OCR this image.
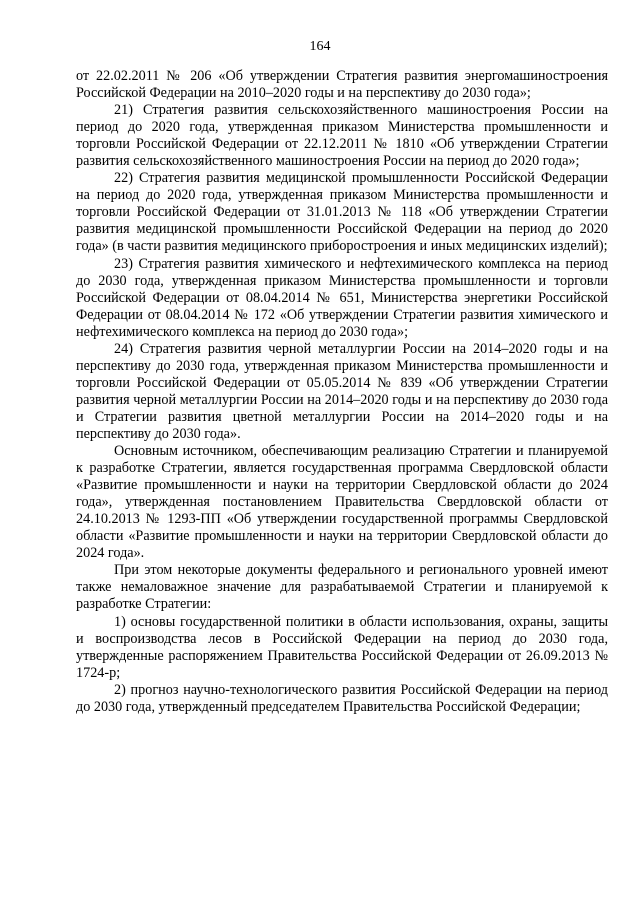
164

от 22.02.2011 № 206 «Об утверждении Стратегия развития энергомашиностроения Российской Федерации на 2010–2020 годы и на перспективу до 2030 года»;

21) Стратегия развития сельскохозяйственного машиностроения России на период до 2020 года, утвержденная приказом Министерства промышленности и торговли Российской Федерации от 22.12.2011 № 1810 «Об утверждении Стратегии развития сельскохозяйственного машиностроения России на период до 2020 года»;

22) Стратегия развития медицинской промышленности Российской Федерации на период до 2020 года, утвержденная приказом Министерства промышленности и торговли Российской Федерации от 31.01.2013 № 118 «Об утверждении Стратегии развития медицинской промышленности Российской Федерации на период до 2020 года» (в части развития медицинского приборостроения и иных медицинских изделий);

23) Стратегия развития химического и нефтехимического комплекса на период до 2030 года, утвержденная приказом Министерства промышленности и торговли Российской Федерации от 08.04.2014 № 651, Министерства энергетики Российской Федерации от 08.04.2014 № 172 «Об утверждении Стратегии развития химического и нефтехимического комплекса на период до 2030 года»;

24) Стратегия развития черной металлургии России на 2014–2020 годы и на перспективу до 2030 года, утвержденная приказом Министерства промышленности и торговли Российской Федерации от 05.05.2014 № 839 «Об утверждении Стратегии развития черной металлургии России на 2014–2020 годы и на перспективу до 2030 года и Стратегии развития цветной металлургии России на 2014–2020 годы и на перспективу до 2030 года».

Основным источником, обеспечивающим реализацию Стратегии и планируемой к разработке Стратегии, является государственная программа Свердловской области «Развитие промышленности и науки на территории Свердловской области до 2024 года», утвержденная постановлением Правительства Свердловской области от 24.10.2013 № 1293-ПП «Об утверждении государственной программы Свердловской области «Развитие промышленности и науки на территории Свердловской области до 2024 года».

При этом некоторые документы федерального и регионального уровней имеют также немаловажное значение для разрабатываемой Стратегии и планируемой к разработке Стратегии:

1) основы государственной политики в области использования, охраны, защиты и воспроизводства лесов в Российской Федерации на период до 2030 года, утвержденные распоряжением Правительства Российской Федерации от 26.09.2013 № 1724-р;

2) прогноз научно-технологического развития Российской Федерации на период до 2030 года, утвержденный председателем Правительства Российской Федерации;
